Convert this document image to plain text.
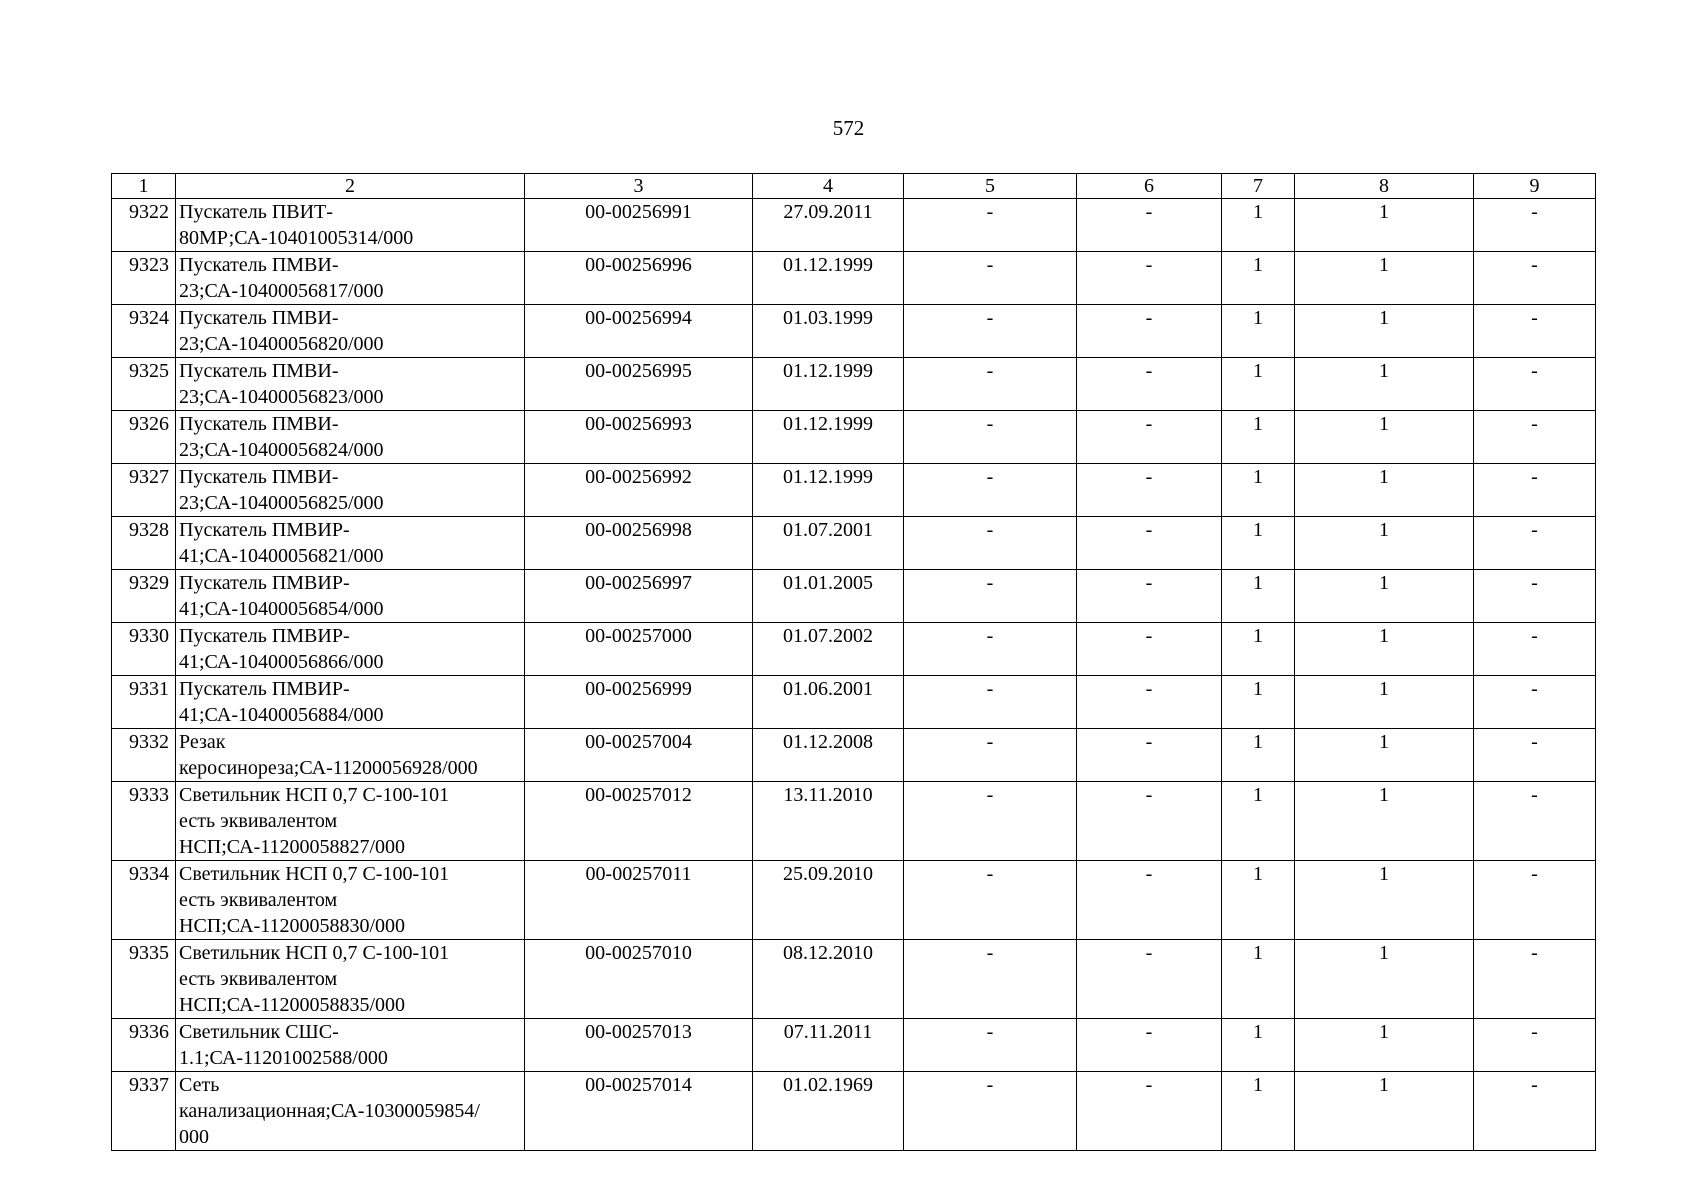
572
1	2	3	4	5	6	7	8	9
9322	Пускатель ПВИТ-
80МР;СА-10401005314/000	00-00256991	27.09.2011	-	-	1	1	-
9323	Пускатель ПМВИ-
23;СА-10400056817/000	00-00256996	01.12.1999	-	-	1	1	-
9324	Пускатель ПМВИ-
23;СА-10400056820/000	00-00256994	01.03.1999	-	-	1	1	-
9325	Пускатель ПМВИ-
23;СА-10400056823/000	00-00256995	01.12.1999	-	-	1	1	-
9326	Пускатель ПМВИ-
23;СА-10400056824/000	00-00256993	01.12.1999	-	-	1	1	-
9327	Пускатель ПМВИ-
23;СА-10400056825/000	00-00256992	01.12.1999	-	-	1	1	-
9328	Пускатель ПМВИР-
41;СА-10400056821/000	00-00256998	01.07.2001	-	-	1	1	-
9329	Пускатель ПМВИР-
41;СА-10400056854/000	00-00256997	01.01.2005	-	-	1	1	-
9330	Пускатель ПМВИР-
41;СА-10400056866/000	00-00257000	01.07.2002	-	-	1	1	-
9331	Пускатель ПМВИР-
41;СА-10400056884/000	00-00256999	01.06.2001	-	-	1	1	-
9332	Резак
керосинореза;СА-11200056928/000	00-00257004	01.12.2008	-	-	1	1	-
9333	Светильник НСП 0,7 С-100-101
есть эквивалентом
НСП;СА-11200058827/000	00-00257012	13.11.2010	-	-	1	1	-
9334	Светильник НСП 0,7 С-100-101
есть эквивалентом
НСП;СА-11200058830/000	00-00257011	25.09.2010	-	-	1	1	-
9335	Светильник НСП 0,7 С-100-101
есть эквивалентом
НСП;СА-11200058835/000	00-00257010	08.12.2010	-	-	1	1	-
9336	Светильник СШС-
1.1;СА-11201002588/000	00-00257013	07.11.2011	-	-	1	1	-
9337	Сеть
канализационная;СА-10300059854/
000	00-00257014	01.02.1969	-	-	1	1	-
